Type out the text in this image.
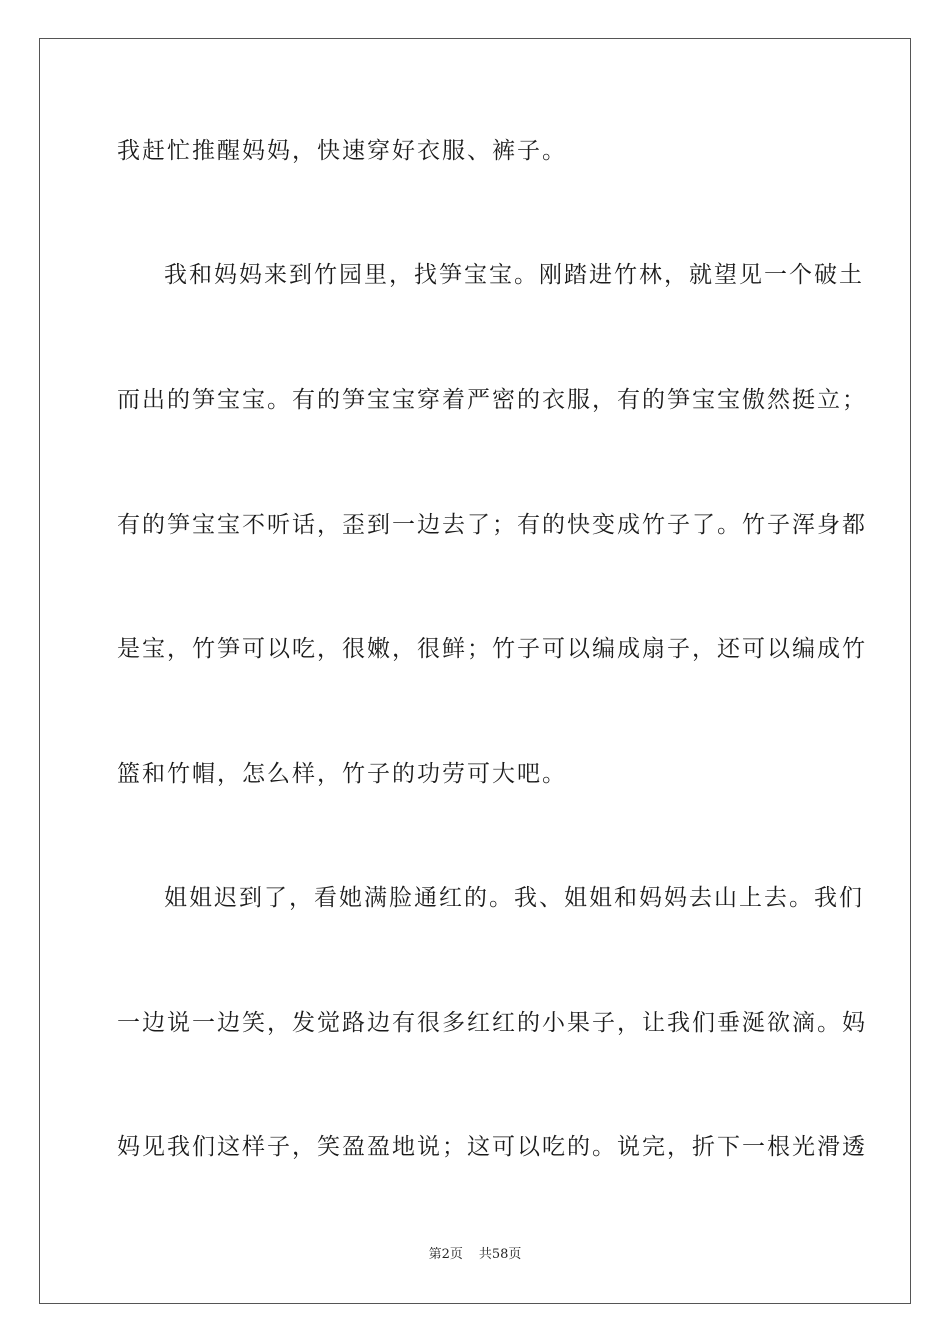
我赶忙推醒妈妈，快速穿好衣服、裤子。
我和妈妈来到竹园里，找笋宝宝。刚踏进竹林，就望见一个破土
而出的笋宝宝。有的笋宝宝穿着严密的衣服，有的笋宝宝傲然挺立；
有的笋宝宝不听话，歪到一边去了；有的快变成竹子了。竹子浑身都
是宝，竹笋可以吃，很嫩，很鲜；竹子可以编成扇子，还可以编成竹
篮和竹帽，怎么样，竹子的功劳可大吧。
姐姐迟到了，看她满脸通红的。我、姐姐和妈妈去山上去。我们
一边说一边笑，发觉路边有很多红红的小果子，让我们垂涎欲滴。妈
妈见我们这样子，笑盈盈地说；这可以吃的。说完，折下一根光滑透
第2页 共58页
